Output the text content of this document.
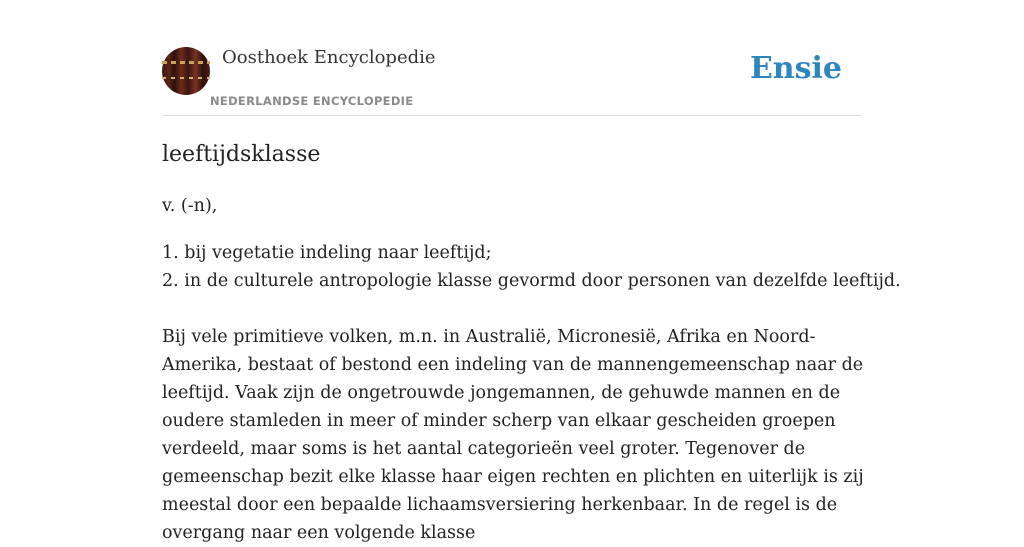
Oosthoek Encyclopedie
NEDERLANDSE ENCYCLOPEDIE
Ensie
leeftijdsklasse
v. (-n),
1. bij vegetatie indeling naar leeftijd;
2. in de culturele antropologie klasse gevormd door personen van dezelfde leeftijd.

Bij vele primitieve volken, m.n. in Australië, Micronesië, Afrika en Noord-Amerika, bestaat of bestond een indeling van de mannengemeenschap naar de leeftijd. Vaak zijn de ongetrouwde jongemannen, de gehuwde mannen en de oudere stamleden in meer of minder scherp van elkaar gescheiden groepen verdeeld, maar soms is het aantal categorieën veel groter. Tegenover de gemeenschap bezit elke klasse haar eigen rechten en plichten en uiterlijk is zij meestal door een bepaalde lichaamsversiering herkenbaar. In de regel is de overgang naar een volgende klasse
